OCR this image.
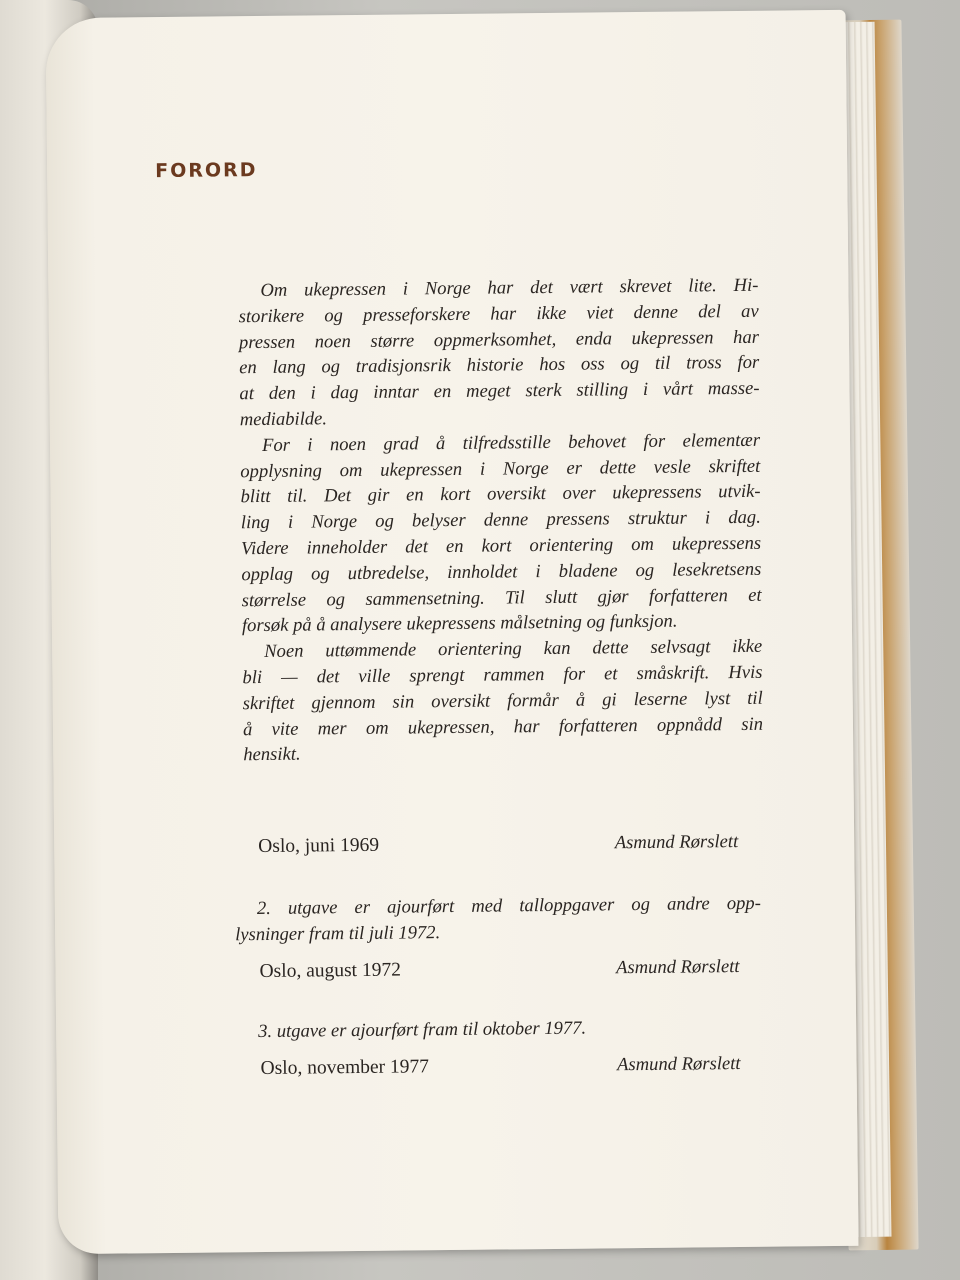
FORORD
Om ukepressen i Norge har det vært skrevet lite. Hi-
storikere og presseforskere har ikke viet denne del av
pressen noen større oppmerksomhet, enda ukepressen har
en lang og tradisjonsrik historie hos oss og til tross for
at den i dag inntar en meget sterk stilling i vårt masse-
mediabilde.
For i noen grad å tilfredsstille behovet for elementær
opplysning om ukepressen i Norge er dette vesle skriftet
blitt til. Det gir en kort oversikt over ukepressens utvik-
ling i Norge og belyser denne pressens struktur i dag.
Videre inneholder det en kort orientering om ukepressens
opplag og utbredelse, innholdet i bladene og lesekretsens
størrelse og sammensetning. Til slutt gjør forfatteren et
forsøk på å analysere ukepressens målsetning og funksjon.
Noen uttømmende orientering kan dette selvsagt ikke
bli — det ville sprengt rammen for et småskrift. Hvis
skriftet gjennom sin oversikt formår å gi leserne lyst til
å vite mer om ukepressen, har forfatteren oppnådd sin
hensikt.
Oslo, juni 1969	Asmund Rørslett
2. utgave er ajourført med talloppgaver og andre opp-
lysninger fram til juli 1972.
Oslo, august 1972	Asmund Rørslett
3. utgave er ajourført fram til oktober 1977.
Oslo, november 1977	Asmund Rørslett
